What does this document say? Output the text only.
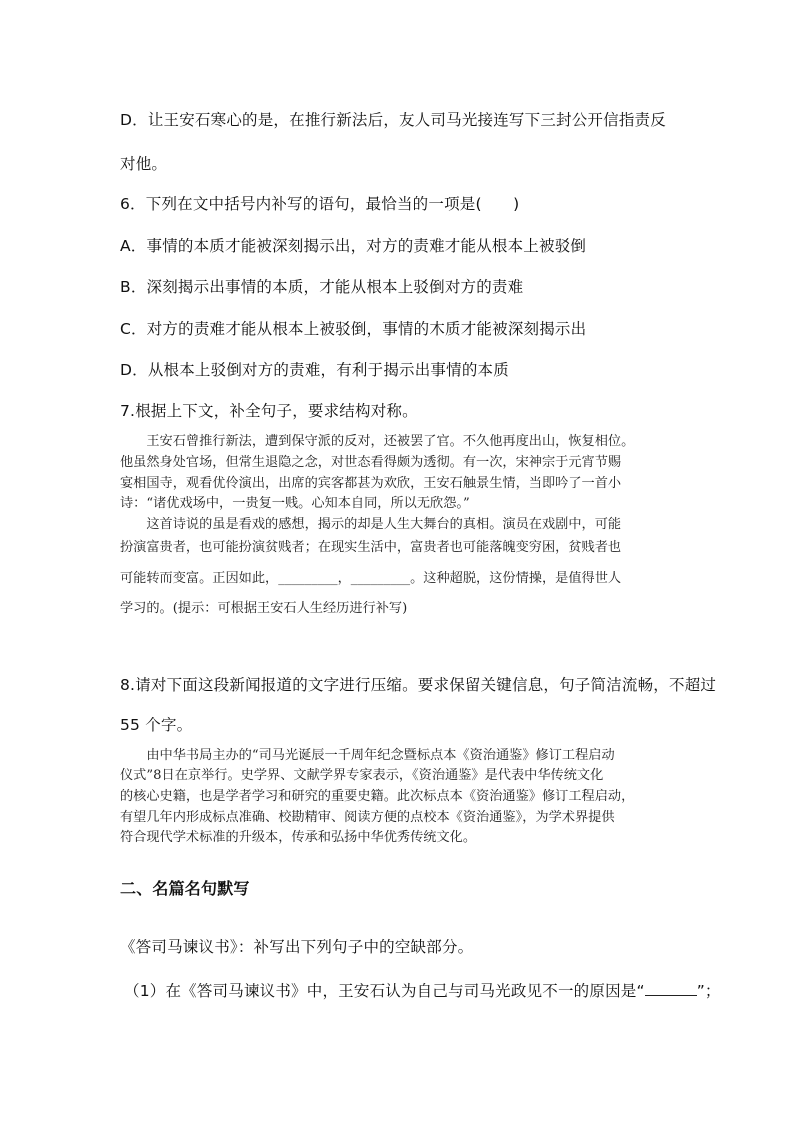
D．让王安石寒心的是，在推行新法后，友人司马光接连写下三封公开信指责反
对他。
6．下列在文中括号内补写的语句，最恰当的一项是(　　)
A．事情的本质才能被深刻揭示出，对方的责难才能从根本上被驳倒
B．深刻揭示出事情的本质，才能从根本上驳倒对方的责难
C．对方的责难才能从根本上被驳倒，事情的木质才能被深刻揭示出
D．从根本上驳倒对方的责难，有利于揭示出事情的本质
7.根据上下文，补全句子，要求结构对称。
　　王安石曾推行新法，遭到保守派的反对，还被罢了官。不久他再度出山，恢复相位。
他虽然身处官场，但常生退隐之念，对世态看得颇为透彻。有一次，宋神宗于元宵节赐
宴相国寺，观看优伶演出，出席的宾客都甚为欢欣，王安石触景生情，当即吟了一首小
诗：“诸优戏场中，一贵复一贱。心知本自同，所以无欣怨。”
　　这首诗说的虽是看戏的感想，揭示的却是人生大舞台的真相。演员在戏剧中，可能
扮演富贵者，也可能扮演贫贱者；在现实生活中，富贵者也可能落魄变穷困，贫贱者也
可能转而变富。正因如此，_________，_________。这种超脱，这份情操，是值得世人
学习的。(提示：可根据王安石人生经历进行补写)
8.请对下面这段新闻报道的文字进行压缩。要求保留关键信息，句子简洁流畅，不超过
55 个字。
　　由中华书局主办的“司马光诞辰一千周年纪念暨标点本《资治通鉴》修订工程启动
仪式”8日在京举行。史学界、文献学界专家表示，《资治通鉴》是代表中华传统文化
的核心史籍，也是学者学习和研究的重要史籍。此次标点本《资治通鉴》修订工程启动，
有望几年内形成标点准确、校勘精审、阅读方便的点校本《资治通鉴》，为学术界提供
符合现代学术标准的升级本，传承和弘扬中华优秀传统文化。
二、名篇名句默写
《答司马谏议书》：补写出下列句子中的空缺部分。
（1）在《答司马谏议书》中，王安石认为自己与司马光政见不一的原因是“	”；
